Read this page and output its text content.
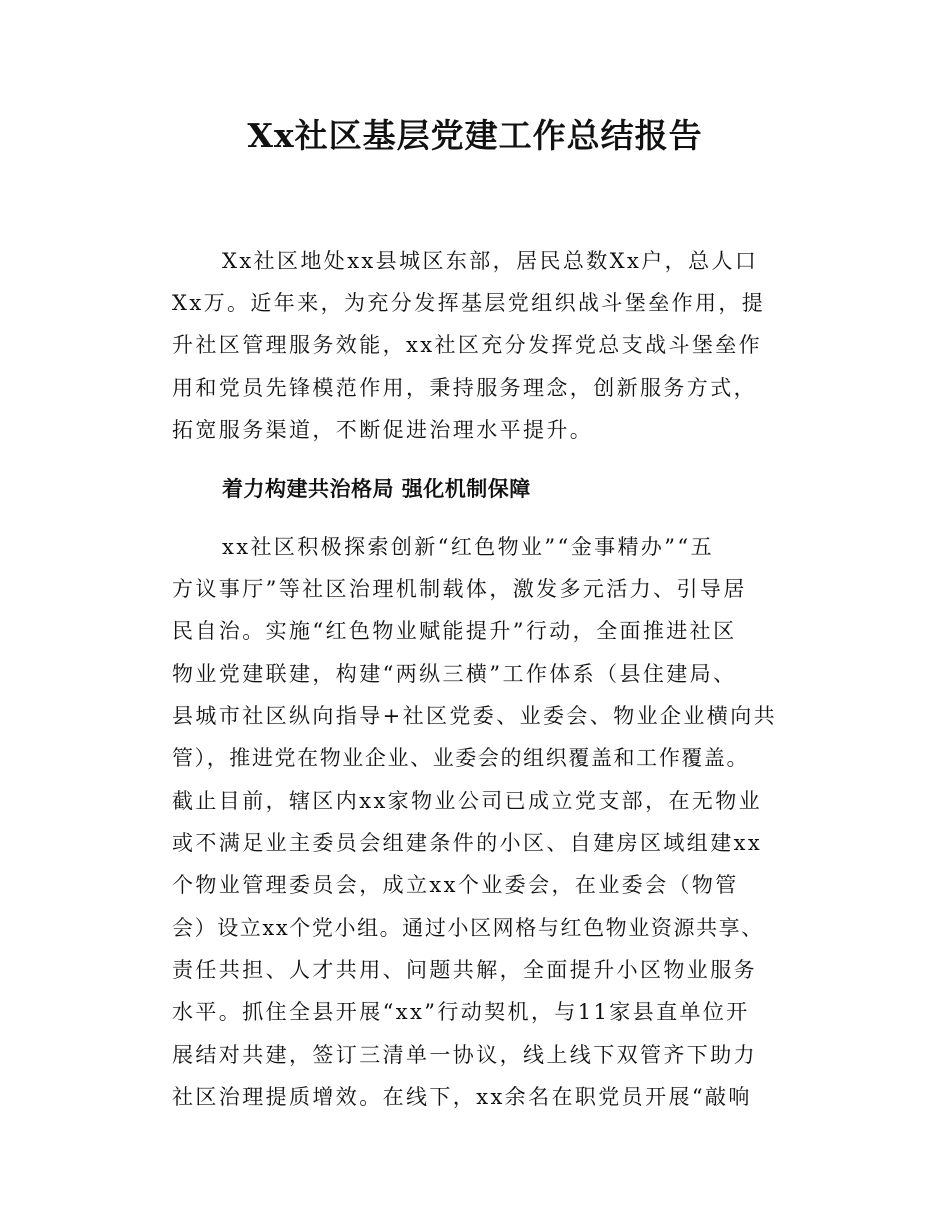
Xx社区基层党建工作总结报告
Xx社区地处xx县城区东部，居民总数Xx户，总人口
Xx万。近年来，为充分发挥基层党组织战斗堡垒作用，提
升社区管理服务效能，xx社区充分发挥党总支战斗堡垒作
用和党员先锋模范作用，秉持服务理念，创新服务方式，
拓宽服务渠道，不断促进治理水平提升。
着力构建共治格局 强化机制保障
xx社区积极探索创新“红色物业”“金事精办”“五
方议事厅”等社区治理机制载体，激发多元活力、引导居
民自治。实施“红色物业赋能提升”行动，全面推进社区
物业党建联建，构建“两纵三横”工作体系（县住建局、
县城市社区纵向指导+社区党委、业委会、物业企业横向共
管），推进党在物业企业、业委会的组织覆盖和工作覆盖。
截止目前，辖区内xx家物业公司已成立党支部，在无物业
或不满足业主委员会组建条件的小区、自建房区域组建xx
个物业管理委员会，成立xx个业委会，在业委会（物管
会）设立xx个党小组。通过小区网格与红色物业资源共享、
责任共担、人才共用、问题共解，全面提升小区物业服务
水平。抓住全县开展“xx”行动契机，与11家县直单位开
展结对共建，签订三清单一协议，线上线下双管齐下助力
社区治理提质增效。在线下，xx余名在职党员开展“敲响
